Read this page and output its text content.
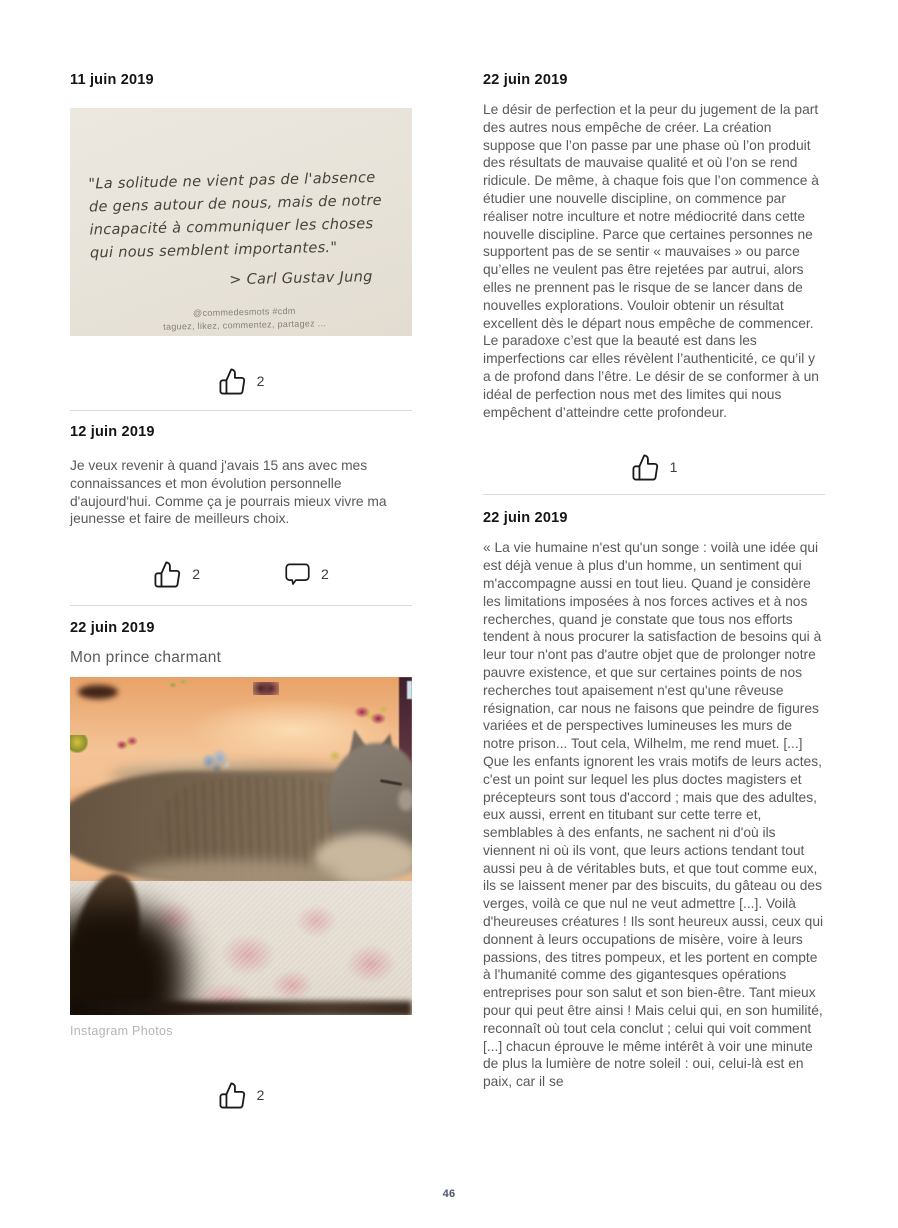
11 juin 2019
"La solitude ne vient pas de l'absence
de gens autour de nous, mais de notre
incapacité à communiquer les choses
qui nous semblent importantes."
> Carl Gustav Jung
@commedesmots #cdm
taguez, likez, commentez, partagez ...
2
12 juin 2019
Je veux revenir à quand j'avais 15 ans avec mes connaissances et mon évolution personnelle d'aujourd'hui. Comme ça je pourrais mieux vivre ma jeunesse et faire de meilleurs choix.
2	2
22 juin 2019
Mon prince charmant
Instagram Photos
2
22 juin 2019
Le désir de perfection et la peur du jugement de la part des autres nous empêche de créer. La création suppose que l’on passe par une phase où l’on produit des résultats de mauvaise qualité et où l’on se rend ridicule. De même, à chaque fois que l’on commence à étudier une nouvelle discipline, on commence par réaliser notre inculture et notre médiocrité dans cette nouvelle discipline. Parce que certaines personnes ne supportent pas de se sentir « mauvaises » ou parce qu’elles ne veulent pas être rejetées par autrui, alors elles ne prennent pas le risque de se lancer dans de nouvelles explorations. Vouloir obtenir un résultat excellent dès le départ nous empêche de commencer. Le paradoxe c’est que la beauté est dans les imperfections car elles révèlent l’authenticité, ce qu’il y a de profond dans l’être. Le désir de se conformer à un idéal de perfection nous met des limites qui nous empêchent d’atteindre cette profondeur.
1
22 juin 2019
« La vie humaine n'est qu'un songe : voilà une idée qui est déjà venue à plus d'un homme, un sentiment qui m'accompagne aussi en tout lieu. Quand je considère les limitations imposées à nos forces actives et à nos recherches, quand je constate que tous nos efforts tendent à nous procurer la satisfaction de besoins qui à leur tour n'ont pas d'autre objet que de prolonger notre pauvre existence, et que sur certaines points de nos recherches tout apaisement n'est qu'une rêveuse résignation, car nous ne faisons que peindre de figures variées et de perspectives lumineuses les murs de notre prison... Tout cela, Wilhelm, me rend muet. [...] Que les enfants ignorent les vrais motifs de leurs actes, c'est un point sur lequel les plus doctes magisters et précepteurs sont tous d'accord ; mais que des adultes, eux aussi, errent en titubant sur cette terre et, semblables à des enfants, ne sachent ni d'où ils viennent ni où ils vont, que leurs actions tendant tout aussi peu à de véritables buts, et que tout comme eux, ils se laissent mener par des biscuits, du gâteau ou des verges, voilà ce que nul ne veut admettre [...]. Voilà d'heureuses créatures ! Ils sont heureux aussi, ceux qui donnent à leurs occupations de misère, voire à leurs passions, des titres pompeux, et les portent en compte à l'humanité comme des gigantesques opérations entreprises pour son salut et son bien-être. Tant mieux pour qui peut être ainsi ! Mais celui qui, en son humilité, reconnaît où tout cela conclut ; celui qui voit comment [...] chacun éprouve le même intérêt à voir une minute de plus la lumière de notre soleil : oui, celui-là est en paix, car il se
46
